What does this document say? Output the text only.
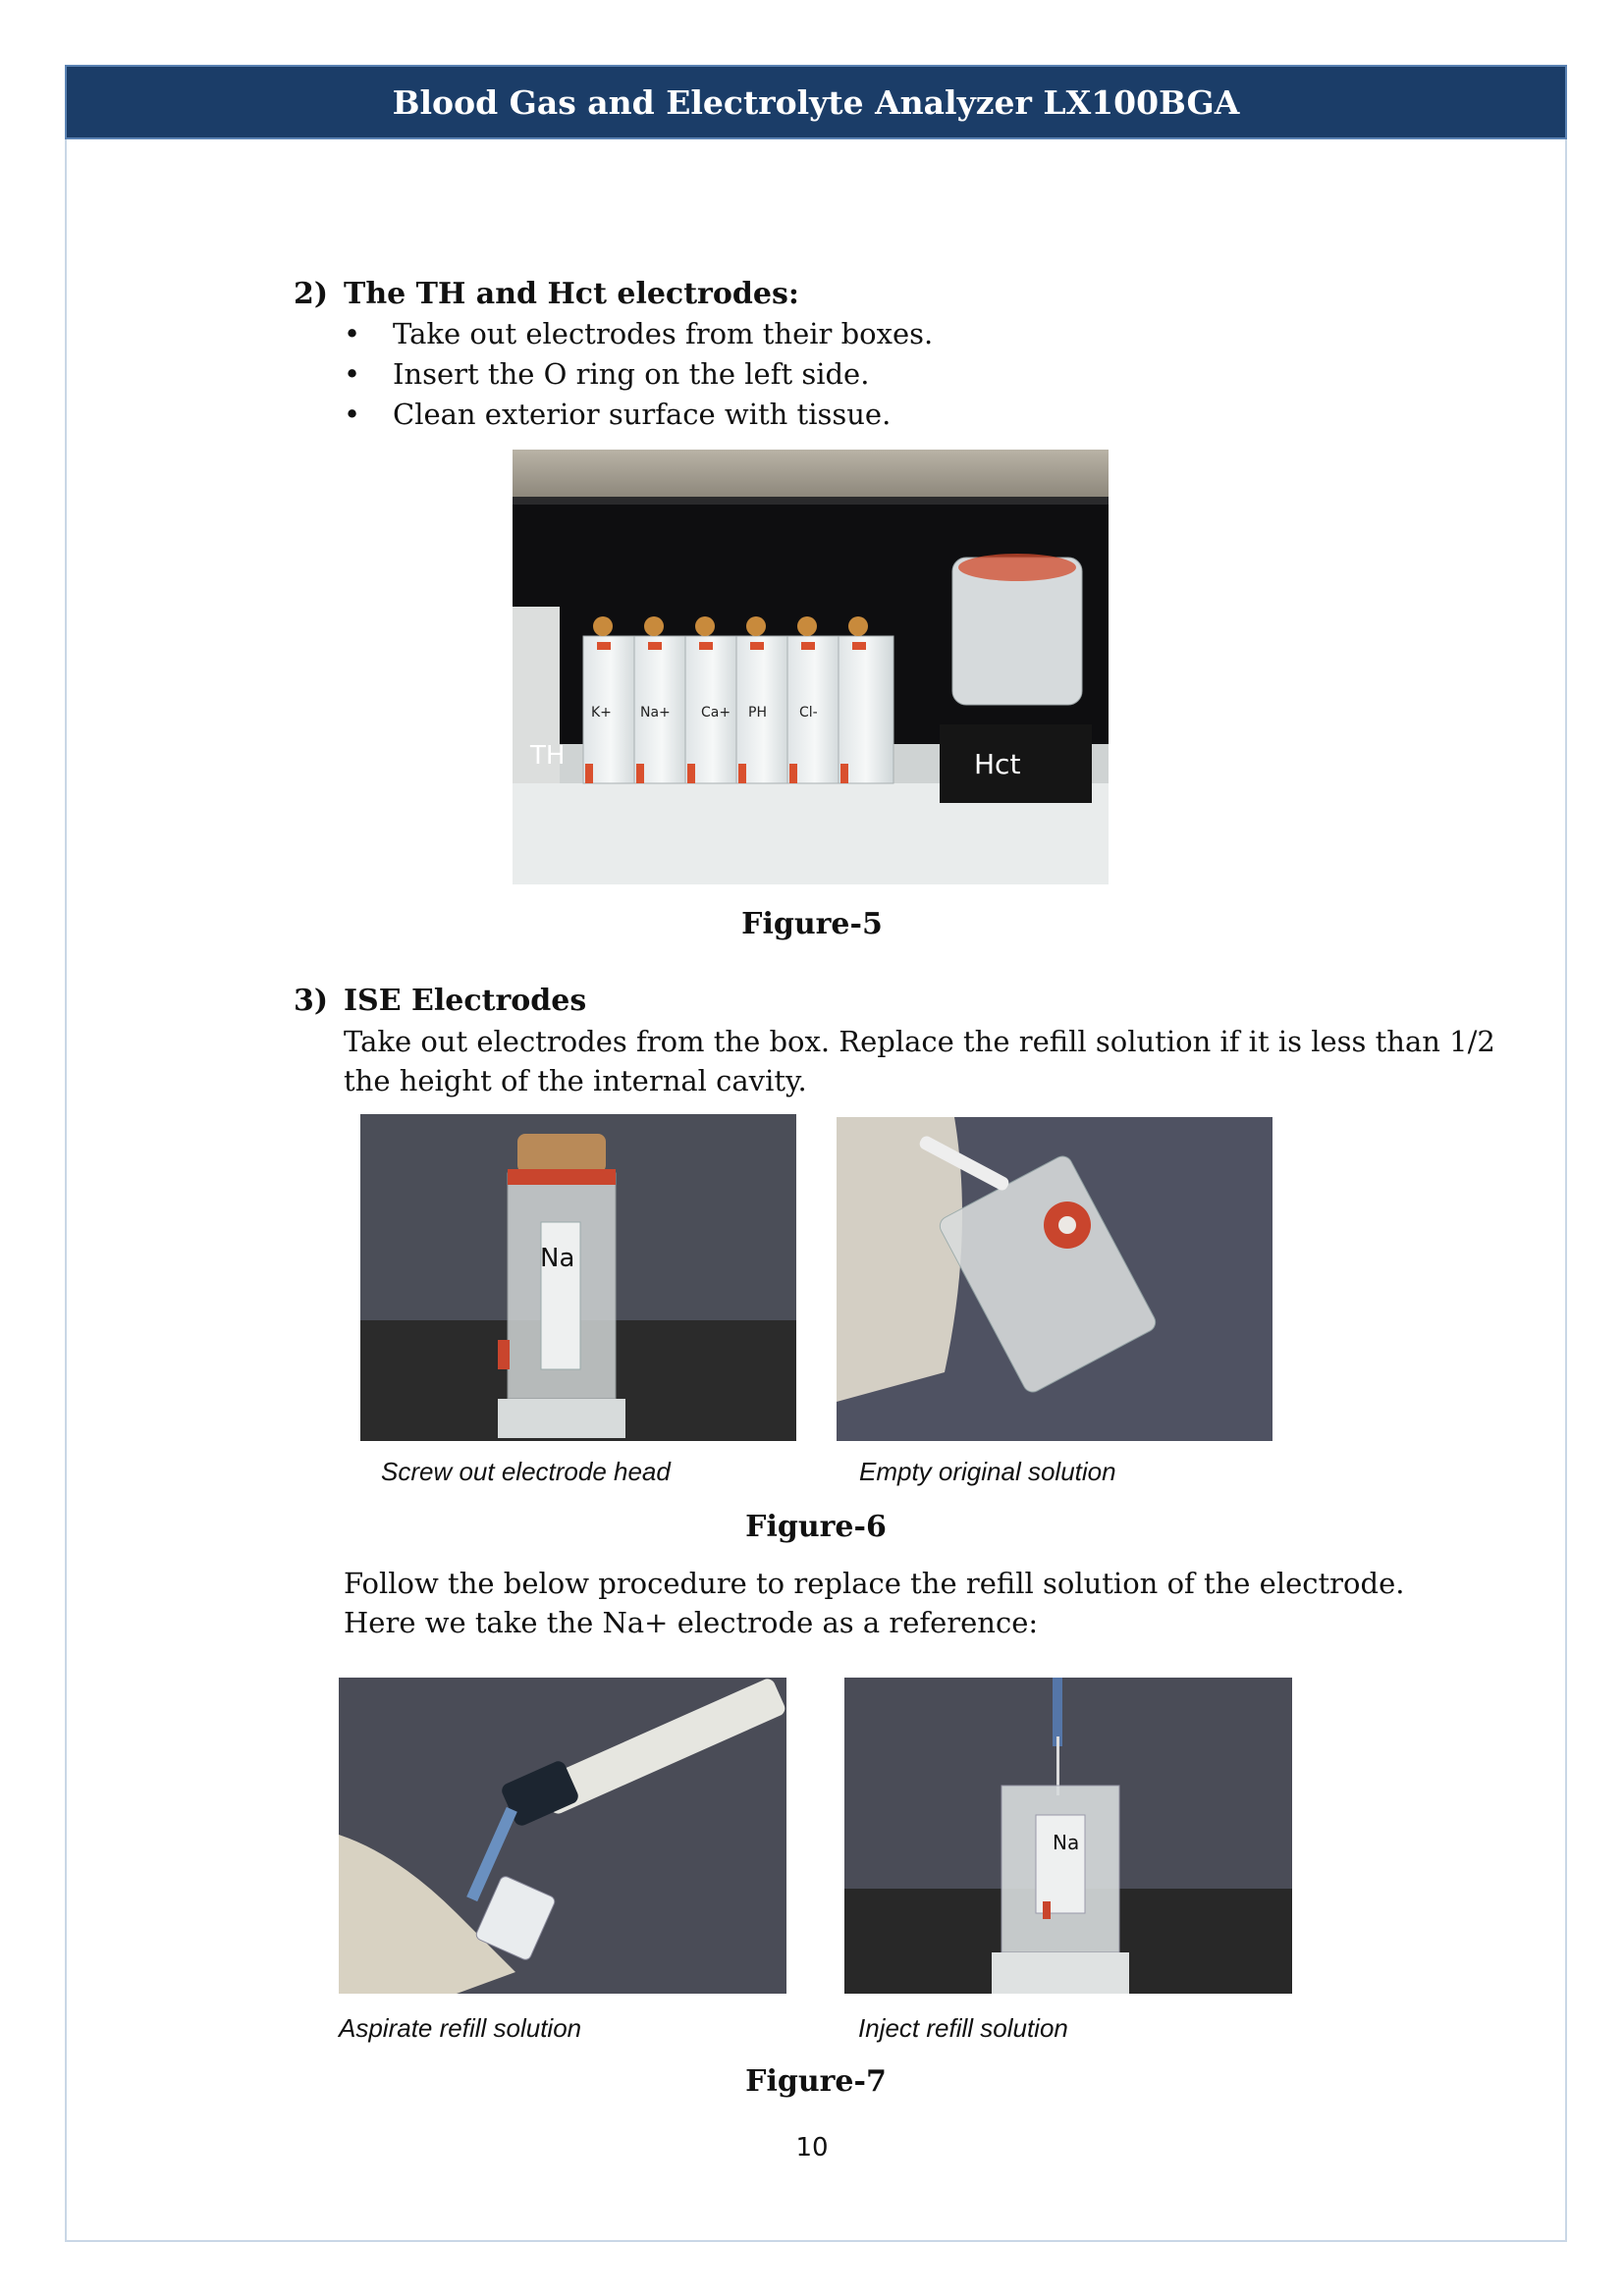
Blood Gas and Electrolyte Analyzer LX100BGA
2) The TH and Hct electrodes:
• Take out electrodes from their boxes.
• Insert the O ring on the left side.
• Clean exterior surface with tissue.
TH
K+ Na+ Ca+ PH Cl-
Hct
Figure-5
3) ISE Electrodes
Take out electrodes from the box. Replace the refill solution if it is less than 1/2
the height of the internal cavity.
Na
Screw out electrode head	Empty original solution
Figure-6
Follow the below procedure to replace the refill solution of the electrode.
Here we take the Na+ electrode as a reference:
Na
Aspirate refill solution	Inject refill solution
Figure-7
10
